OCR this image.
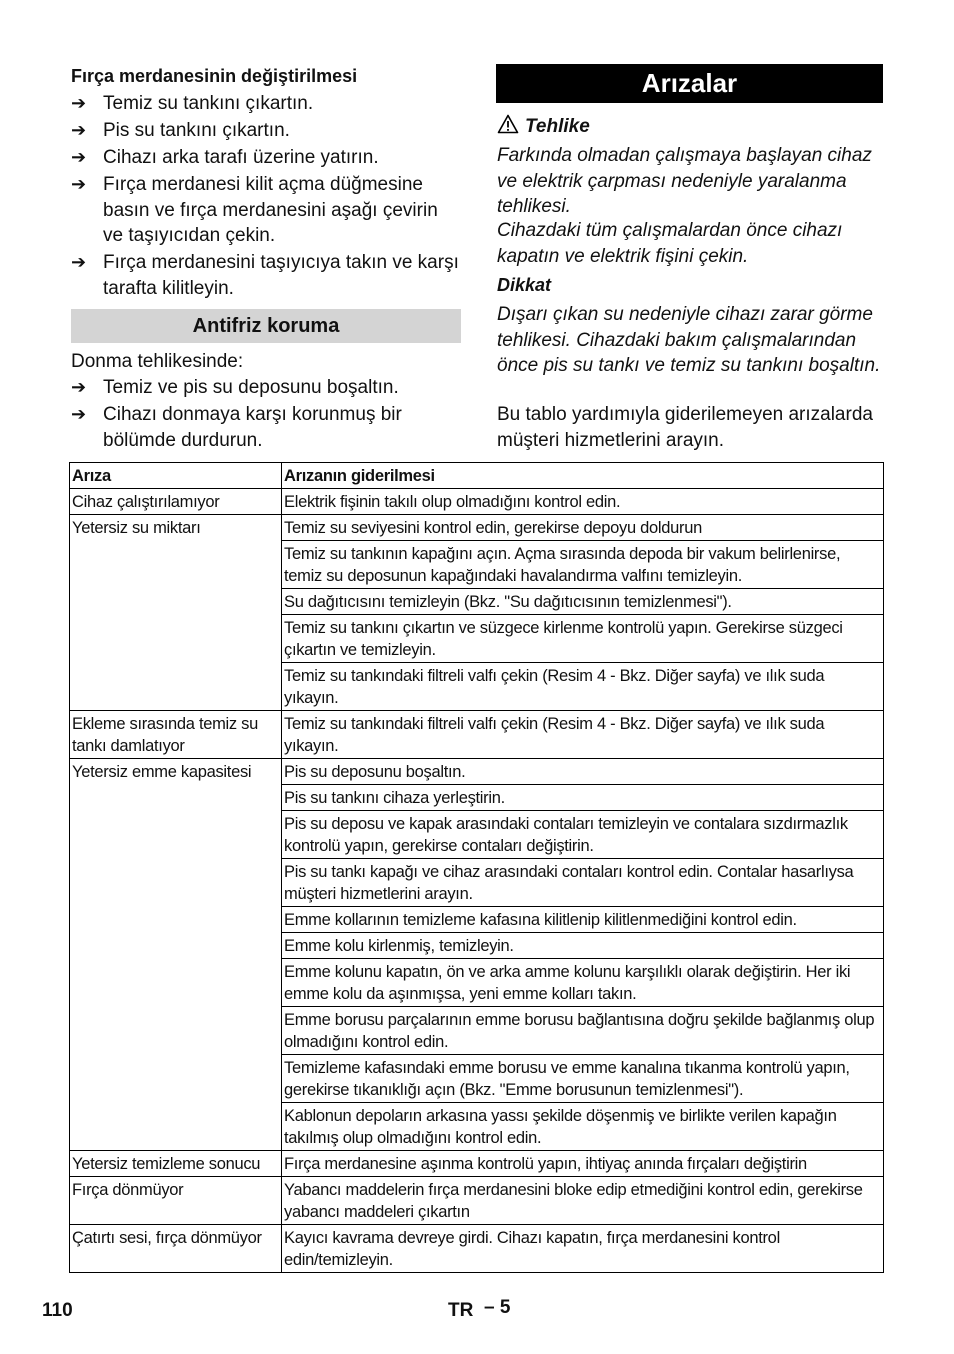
Fırça merdanesinin değiştirilmesi
➔ Temiz su tankını çıkartın.
➔ Pis su tankını çıkartın.
➔ Cihazı arka tarafı üzerine yatırın.
➔ Fırça merdanesi kilit açma düğmesine basın ve fırça merdanesini aşağı çevirin ve taşıyıcıdan çekin.
➔ Fırça merdanesini taşıyıcıya takın ve karşı tarafta kilitleyin.
Antifriz koruma
Donma tehlikesinde:
➔ Temiz ve pis su deposunu boşaltın.
➔ Cihazı donmaya karşı korunmuş bir bölümde durdurun.
Arızalar
Tehlike
Farkında olmadan çalışmaya başlayan cihaz ve elektrik çarpması nedeniyle yaralanma tehlikesi.
Cihazdaki tüm çalışmalardan önce cihazı kapatın ve elektrik fişini çekin.
Dikkat
Dışarı çıkan su nedeniyle cihazı zarar görme tehlikesi. Cihazdaki bakım çalışmalarından önce pis su tankı ve temiz su tankını boşaltın.
Bu tablo yardımıyla giderilemeyen arızalarda müşteri hizmetlerini arayın.
Arıza	Arızanın giderilmesi
Cihaz çalıştırılamıyor	Elektrik fişinin takılı olup olmadığını kontrol edin.
Yetersiz su miktarı	Temiz su seviyesini kontrol edin, gerekirse depoyu doldurun
	Temiz su tankının kapağını açın. Açma sırasında depoda bir vakum belirlenirse, temiz su deposunun kapağındaki havalandırma valfını temizleyin.
	Su dağıtıcısını temizleyin (Bkz. "Su dağıtıcısının temizlenmesi").
	Temiz su tankını çıkartın ve süzgece kirlenme kontrolü yapın. Gerekirse süzgeci çıkartın ve temizleyin.
	Temiz su tankındaki filtreli valfı çekin (Resim 4 - Bkz. Diğer sayfa) ve ılık suda yıkayın.
Ekleme sırasında temiz su tankı damlatıyor	Temiz su tankındaki filtreli valfı çekin (Resim 4 - Bkz. Diğer sayfa) ve ılık suda yıkayın.
Yetersiz emme kapasitesi	Pis su deposunu boşaltın.
	Pis su tankını cihaza yerleştirin.
	Pis su deposu ve kapak arasındaki contaları temizleyin ve contalara sızdırmazlık kontrolü yapın, gerekirse contaları değiştirin.
	Pis su tankı kapağı ve cihaz arasındaki contaları kontrol edin. Contalar hasarlıysa müşteri hizmetlerini arayın.
	Emme kollarının temizleme kafasına kilitlenip kilitlenmediğini kontrol edin.
	Emme kolu kirlenmiş, temizleyin.
	Emme kolunu kapatın, ön ve arka amme kolunu karşılıklı olarak değiştirin. Her iki emme kolu da aşınmışsa, yeni emme kolları takın.
	Emme borusu parçalarının emme borusu bağlantısına doğru şekilde bağlanmış olup olmadığını kontrol edin.
	Temizleme kafasındaki emme borusu ve emme kanalına tıkanma kontrolü yapın, gerekirse tıkanıklığı açın (Bkz. "Emme borusunun temizlenmesi").
	Kablonun depoların arkasına yassı şekilde döşenmiş ve birlikte verilen kapağın takılmış olup olmadığını kontrol edin.
Yetersiz temizleme sonucu	Fırça merdanesine aşınma kontrolü yapın, ihtiyaç anında fırçaları değiştirin
Fırça dönmüyor	Yabancı maddelerin fırça merdanesini bloke edip etmediğini kontrol edin, gerekirse yabancı maddeleri çıkartın
Çatırtı sesi, fırça dönmüyor	Kayıcı kavrama devreye girdi. Cihazı kapatın, fırça merdanesini kontrol edin/temizleyin.
110	TR – 5
